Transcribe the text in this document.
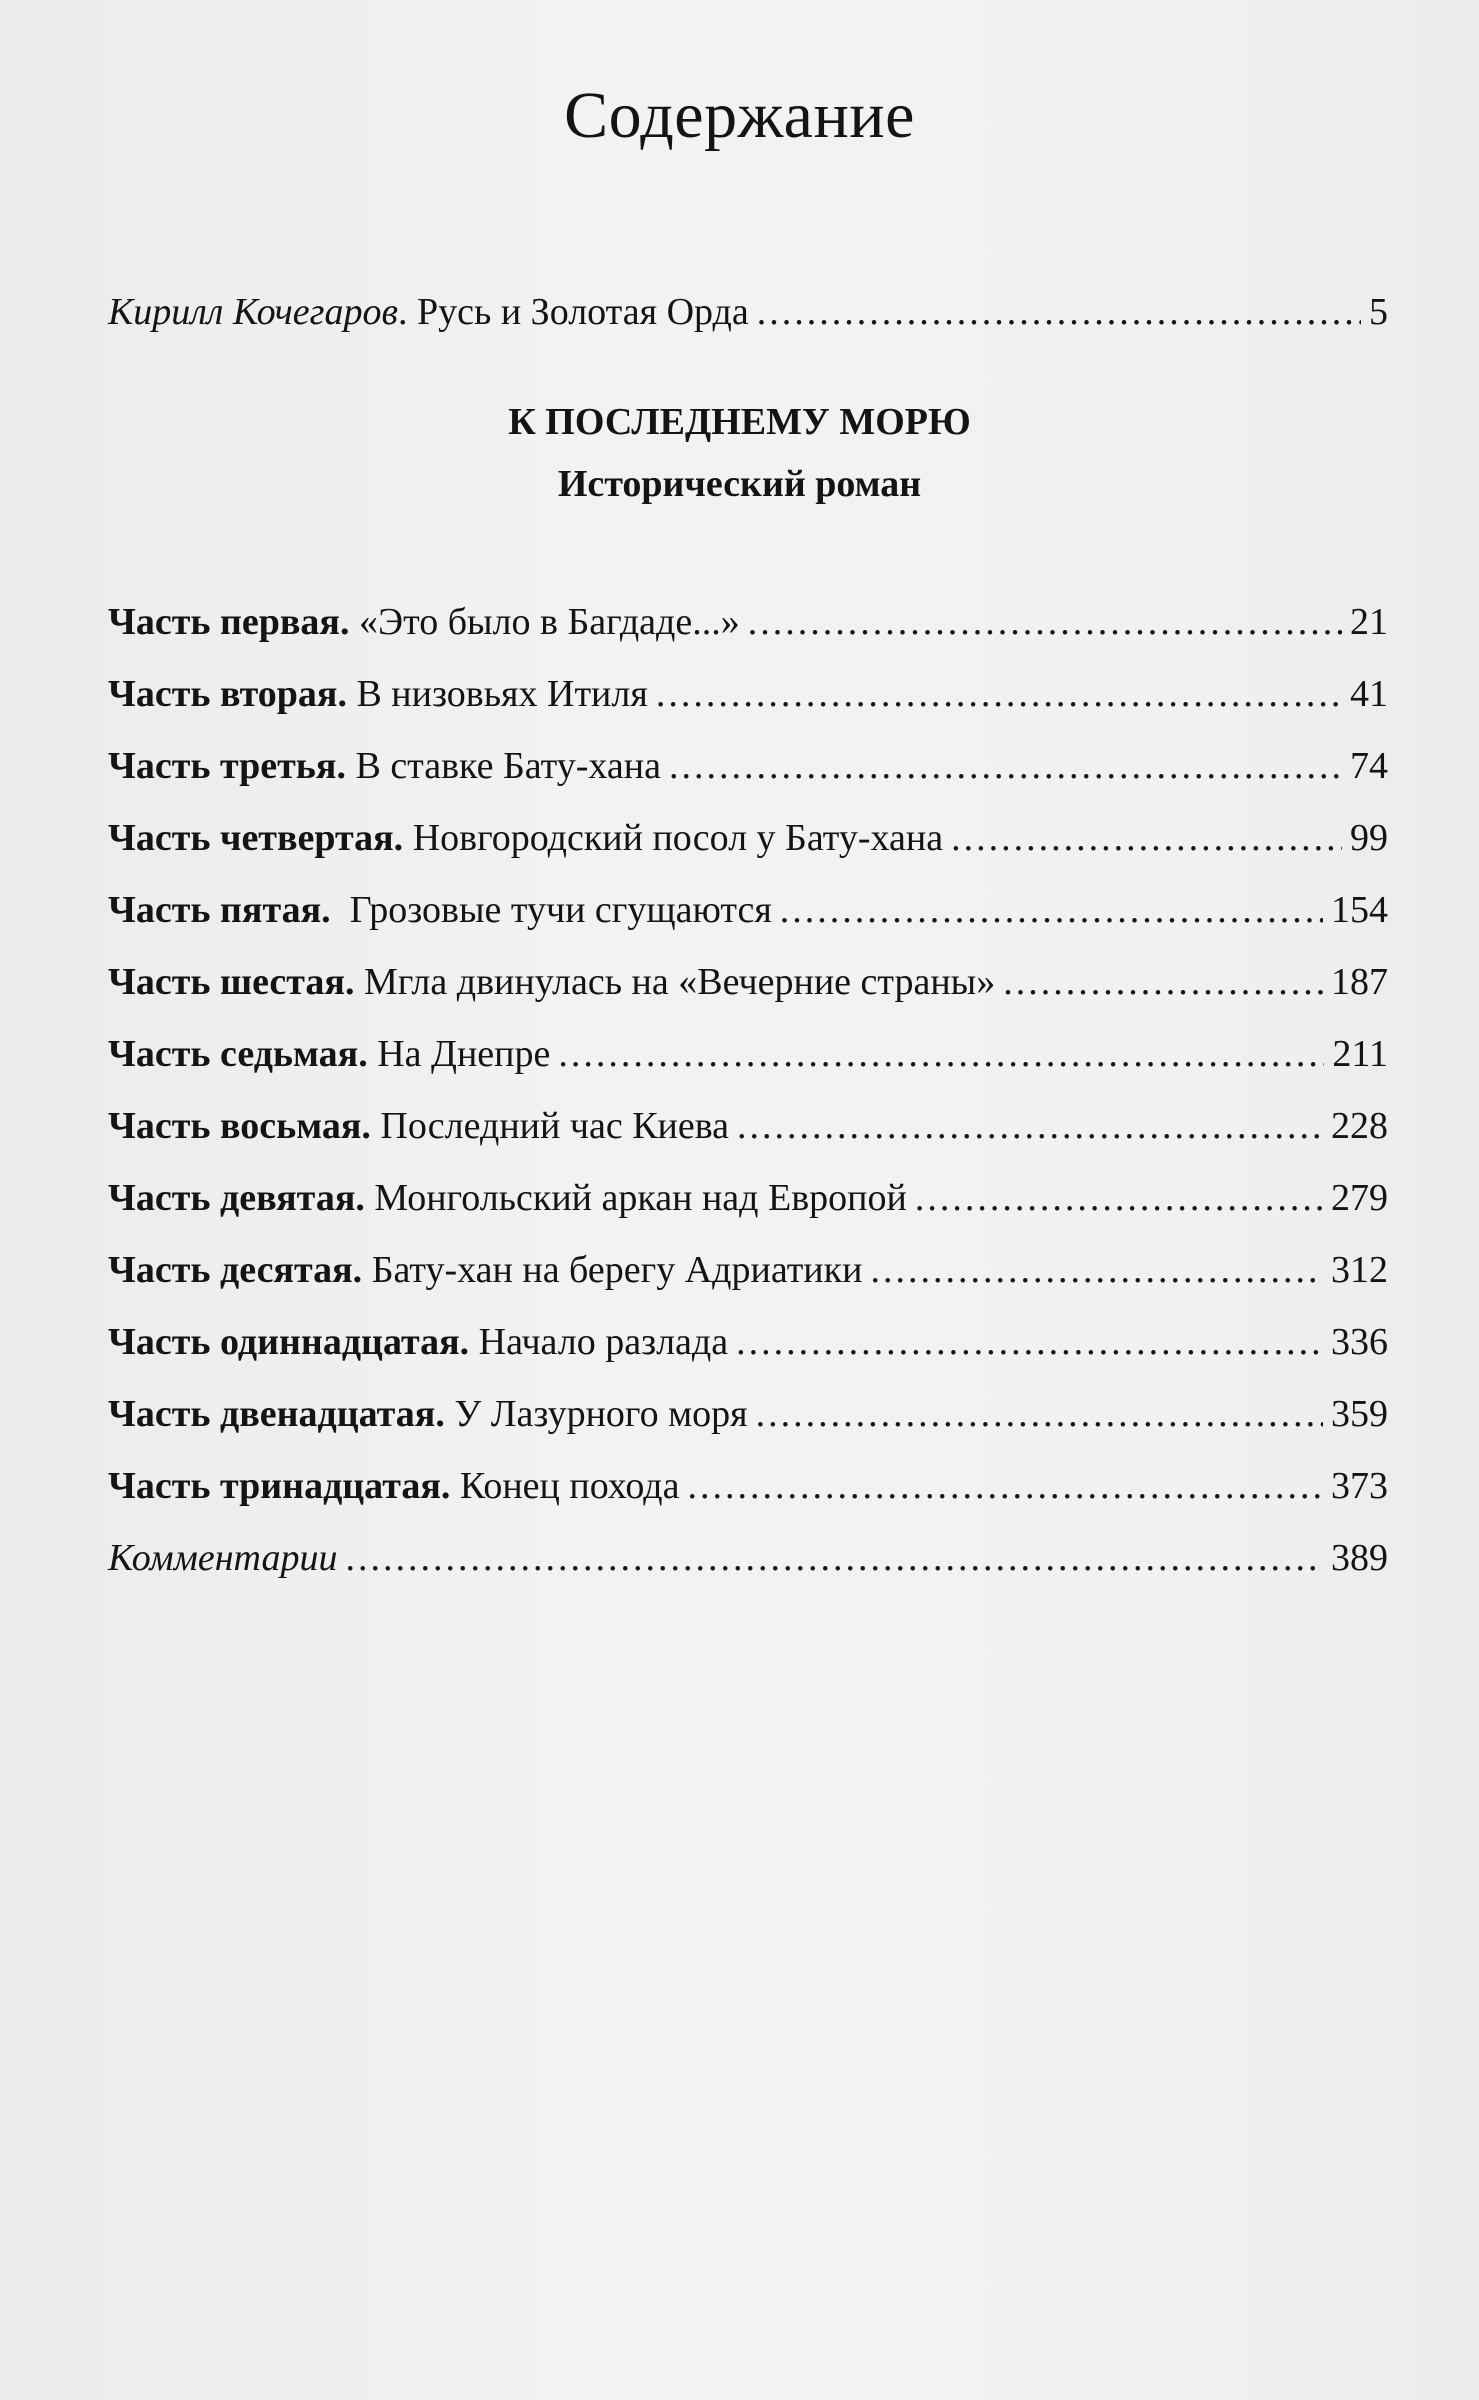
Содержание
Кирилл Кочегаров. Русь и Золотая Орда .....	5
К ПОСЛЕДНЕМУ МОРЮ
Исторический роман
Часть первая. «Это было в Багдаде...» .....	21
Часть вторая. В низовьях Итиля .....	41
Часть третья. В ставке Бату-хана .....	74
Часть четвертая. Новгородский посол у Бату-хана .....	99
Часть пятая.  Грозовые тучи сгущаются .....	154
Часть шестая. Мгла двинулась на «Вечерние страны» .....	187
Часть седьмая. На Днепре .....	211
Часть восьмая. Последний час Киева .....	228
Часть девятая. Монгольский аркан над Европой .....	279
Часть десятая. Бату-хан на берегу Адриатики .....	312
Часть одиннадцатая. Начало разлада .....	336
Часть двенадцатая. У Лазурного моря .....	359
Часть тринадцатая. Конец похода .....	373
Комментарии .....	389
